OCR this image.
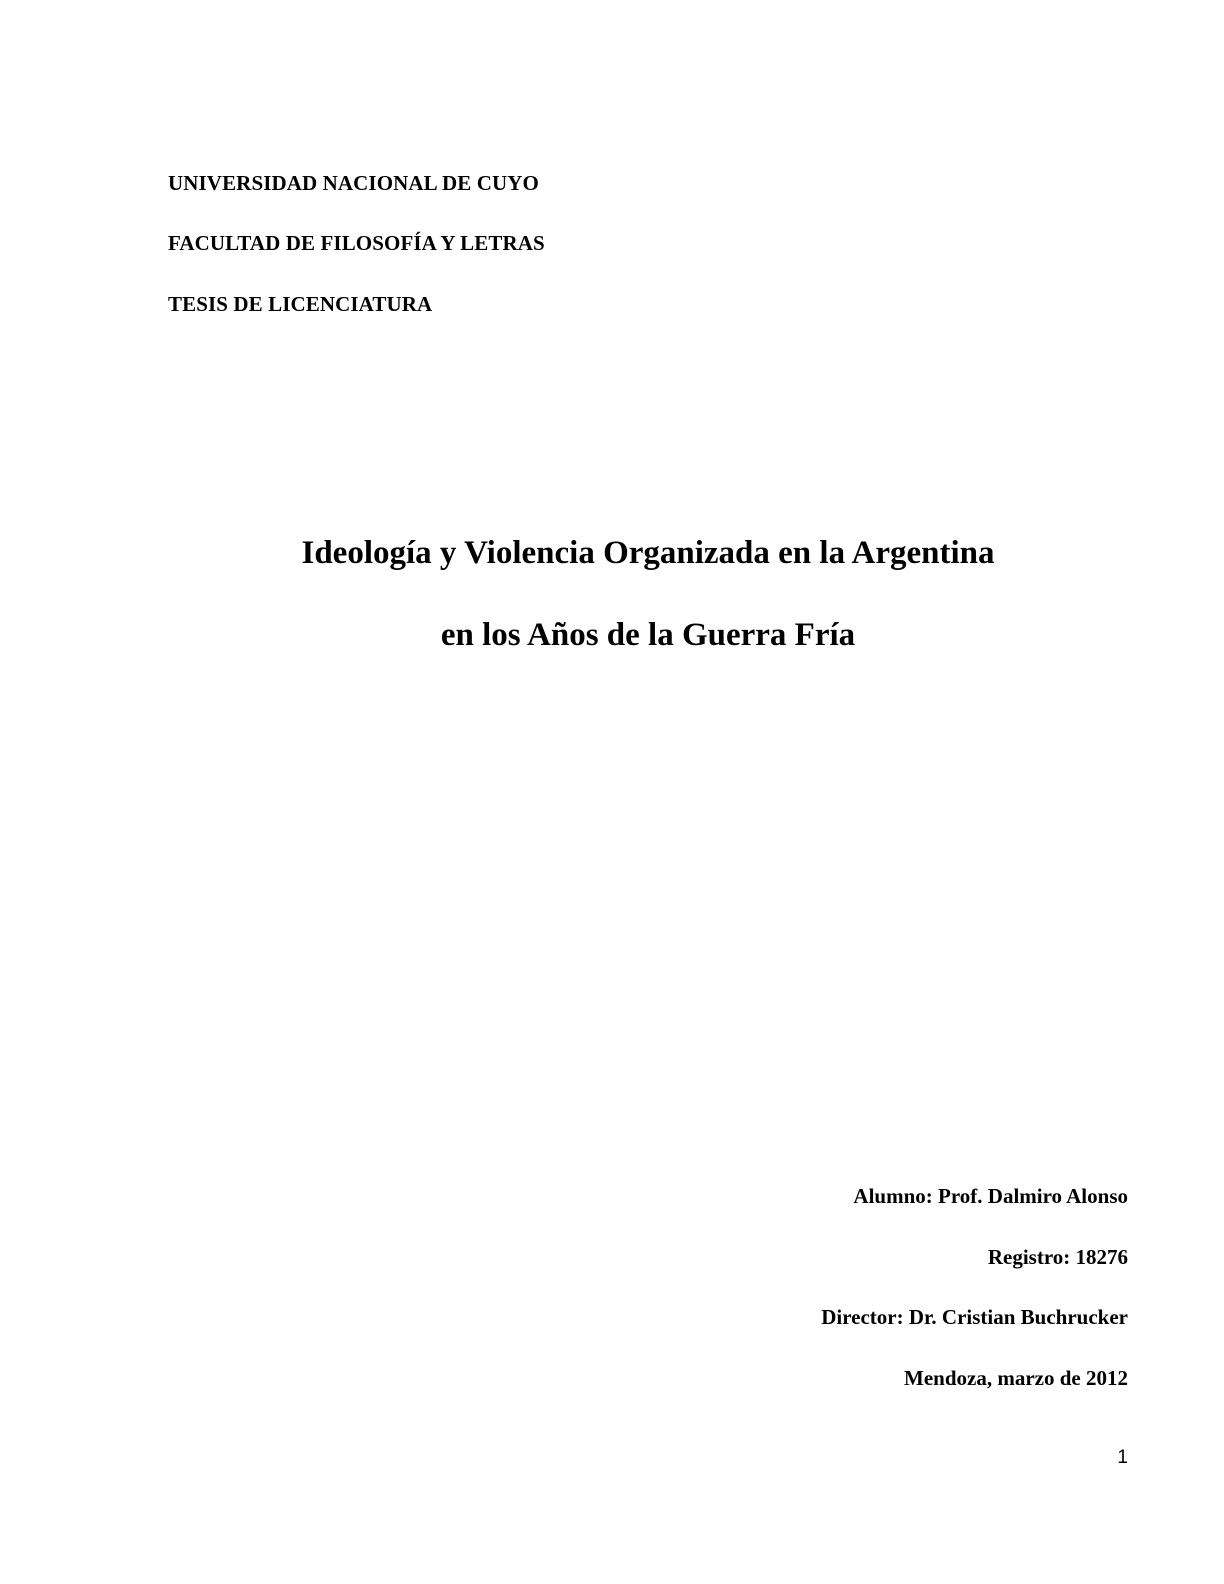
UNIVERSIDAD NACIONAL DE CUYO
FACULTAD DE FILOSOFÍA Y LETRAS
TESIS DE LICENCIATURA
Ideología y Violencia Organizada en la Argentina
en los Años de la Guerra Fría
Alumno: Prof. Dalmiro Alonso
Registro: 18276
Director: Dr. Cristian Buchrucker
Mendoza, marzo de 2012
1
